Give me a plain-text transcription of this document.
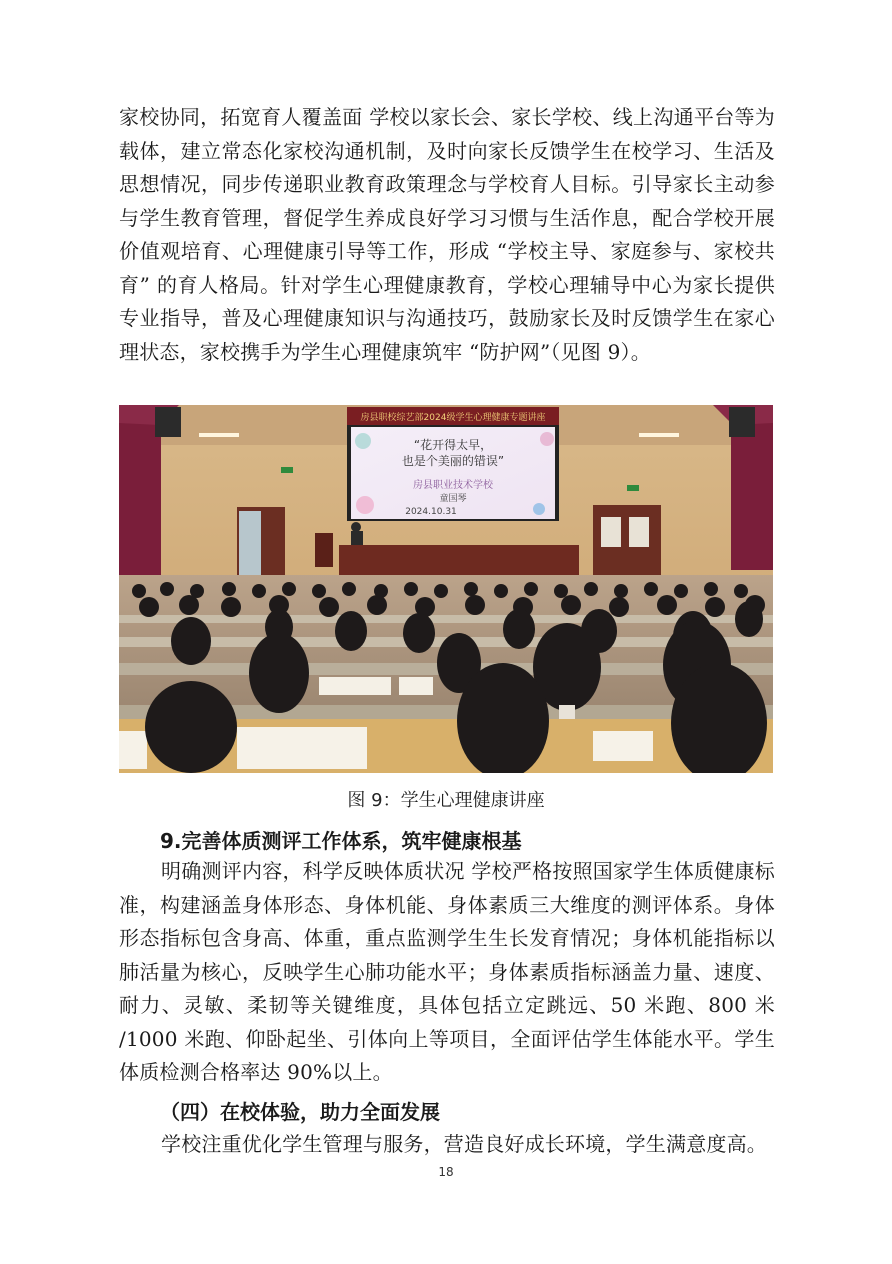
家校协同，拓宽育人覆盖面 学校以家长会、家长学校、线上沟通平台等为载体，建立常态化家校沟通机制，及时向家长反馈学生在校学习、生活及思想情况，同步传递职业教育政策理念与学校育人目标。引导家长主动参与学生教育管理，督促学生养成良好学习习惯与生活作息，配合学校开展价值观培育、心理健康引导等工作，形成 “学校主导、家庭参与、家校共育” 的育人格局。针对学生心理健康教育，学校心理辅导中心为家长提供专业指导，普及心理健康知识与沟通技巧，鼓励家长及时反馈学生在家心理状态，家校携手为学生心理健康筑牢 “防护网”（见图 9）。

房县职校综艺部2024级学生心理健康专题讲座
“花开得太早，
也是个美丽的错误”
房县职业技术学校
童国琴
2024.10.31
图 9：学生心理健康讲座
9.完善体质测评工作体系，筑牢健康根基

明确测评内容，科学反映体质状况 学校严格按照国家学生体质健康标准，构建涵盖身体形态、身体机能、身体素质三大维度的测评体系。身体形态指标包含身高、体重，重点监测学生生长发育情况；身体机能指标以肺活量为核心，反映学生心肺功能水平；身体素质指标涵盖力量、速度、耐力、灵敏、柔韧等关键维度，具体包括立定跳远、50 米跑、800 米 /1000 米跑、仰卧起坐、引体向上等项目，全面评估学生体能水平。学生体质检测合格率达 90%以上。

（四）在校体验，助力全面发展

学校注重优化学生管理与服务，营造良好成长环境，学生满意度高。

18
